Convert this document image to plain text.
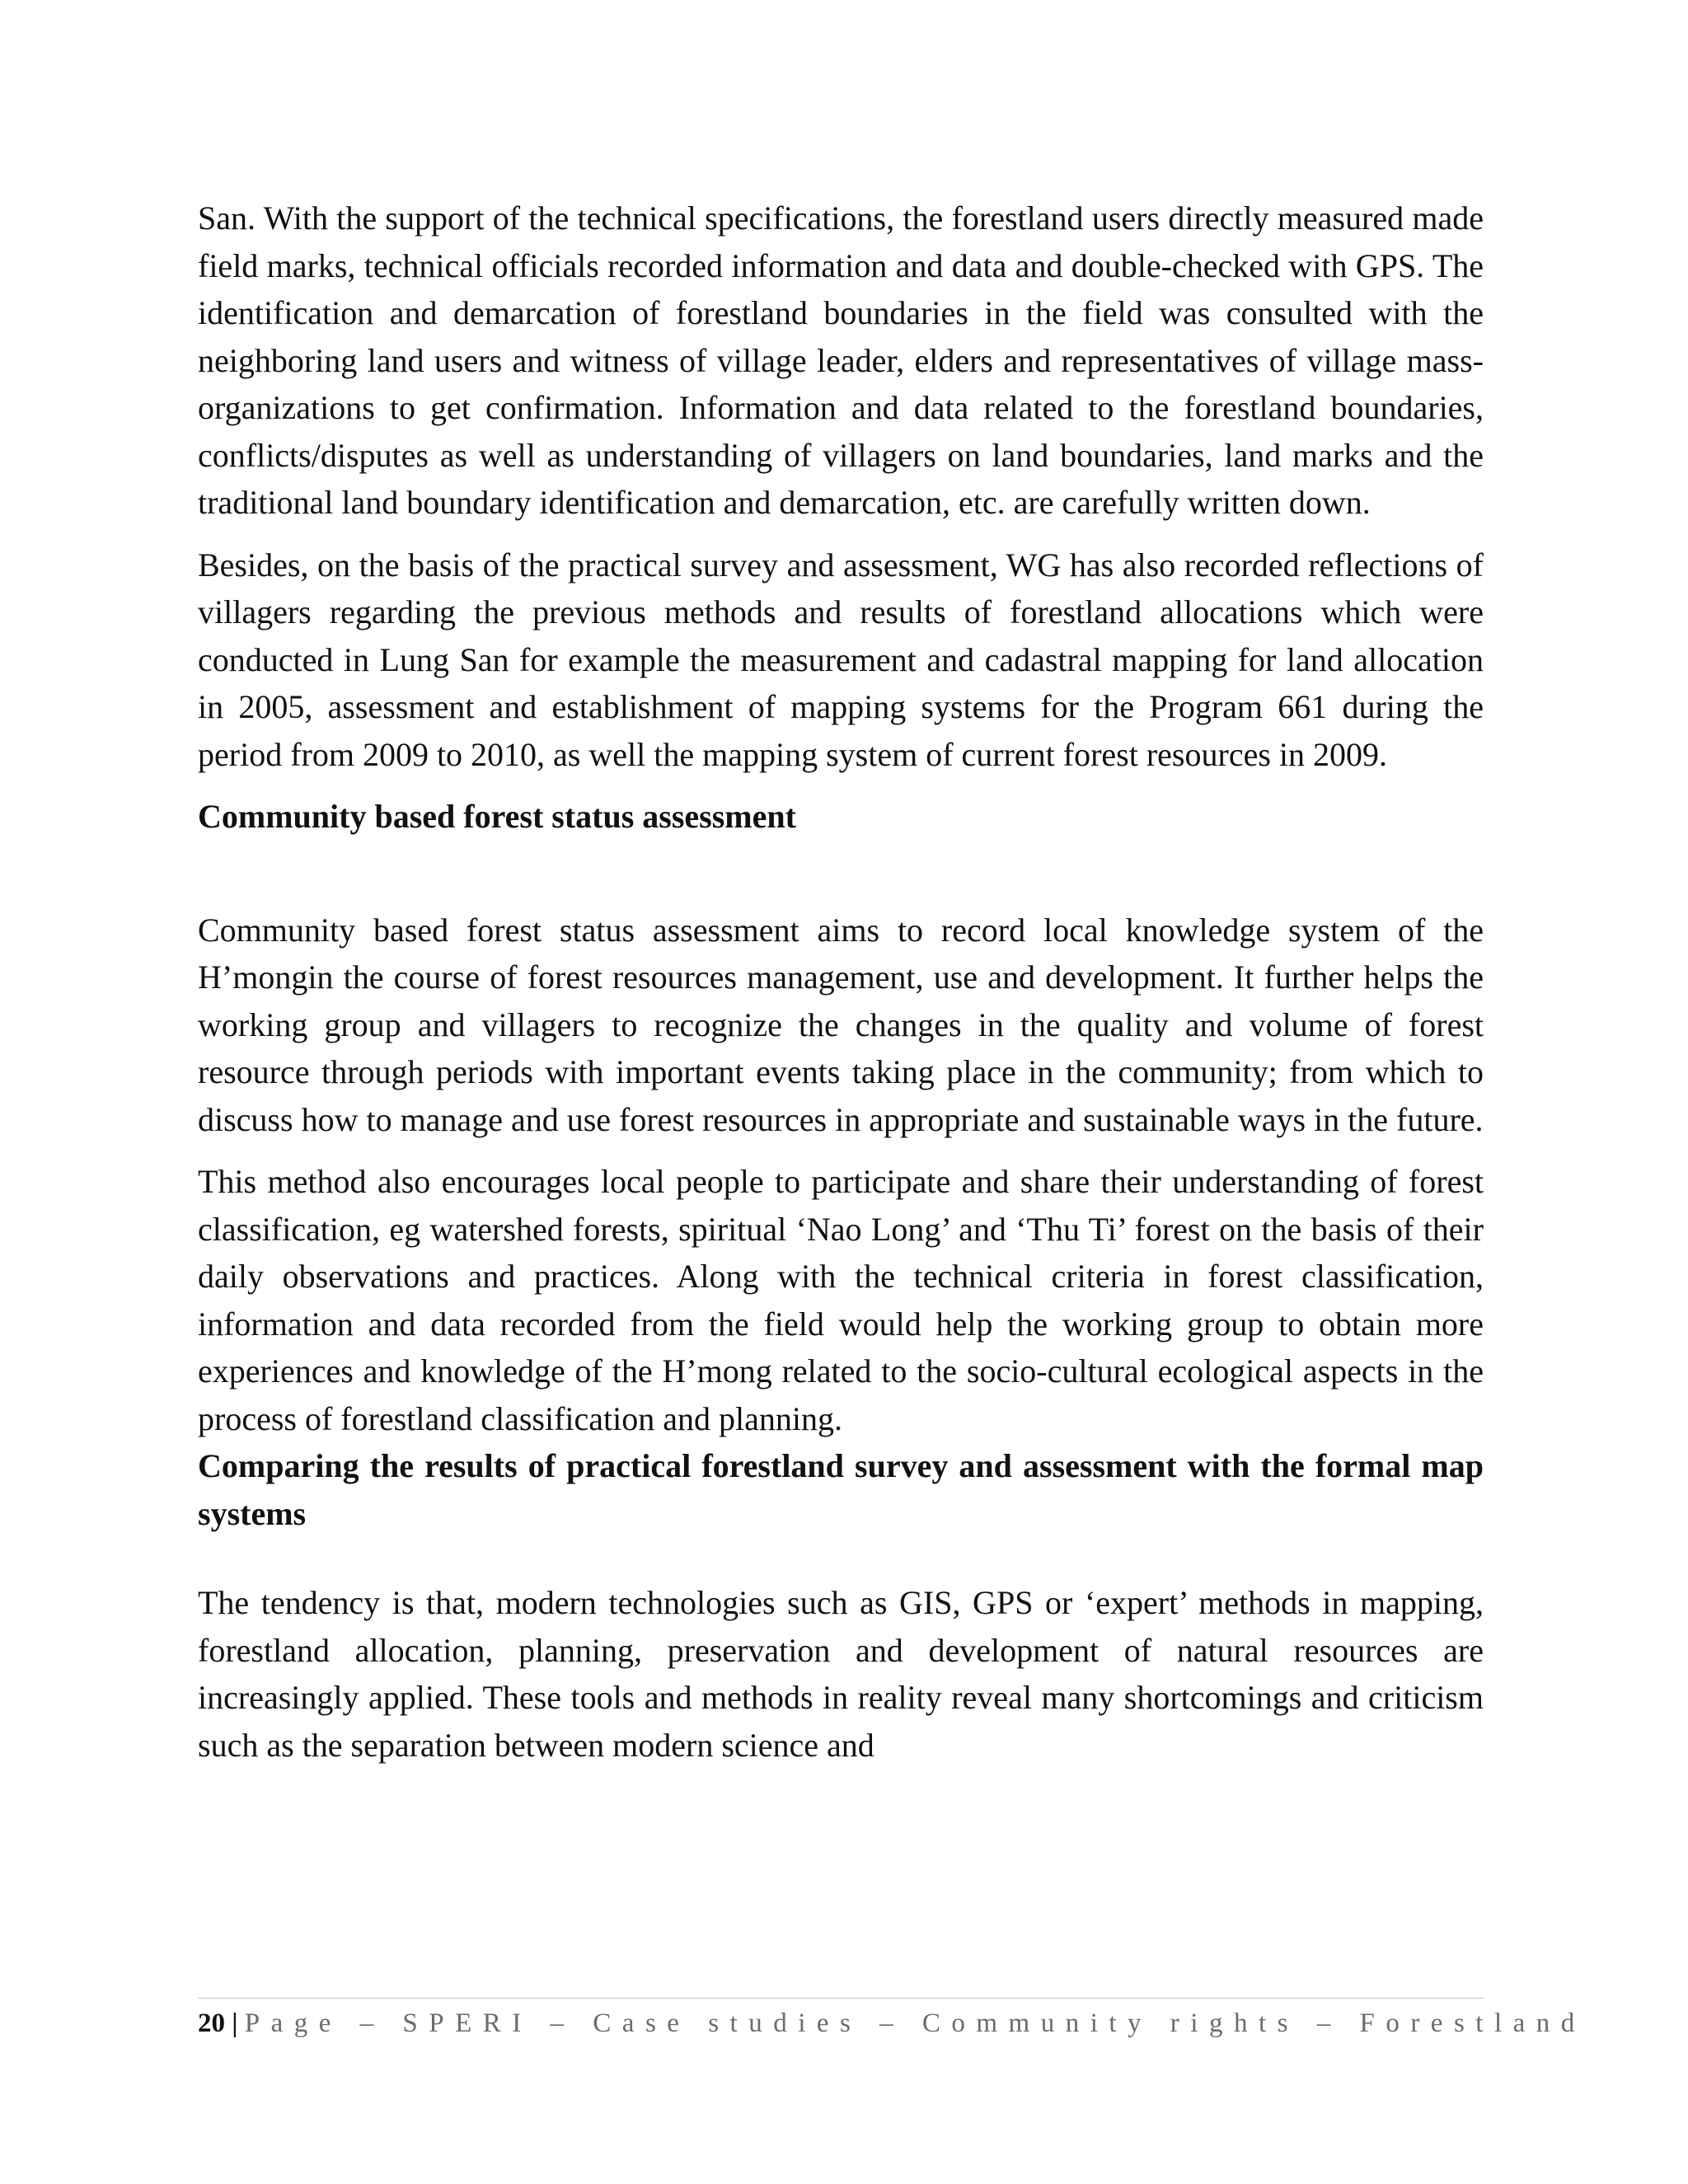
San. With the support of the technical specifications, the forestland users directly measured made field marks, technical officials recorded information and data and double-checked with GPS. The identification and demarcation of forestland boundaries in the field was consulted with the neighboring land users and witness of village leader, elders and representatives of village mass-organizations to get confirmation. Information and data related to the forestland boundaries, conflicts/disputes as well as understanding of villagers on land boundaries, land marks and the traditional land boundary identification and demarcation, etc. are carefully written down.

Besides, on the basis of the practical survey and assessment, WG has also recorded reflections of villagers regarding the previous methods and results of forestland allocations which were conducted in Lung San for example the measurement and cadastral mapping for land allocation in 2005, assessment and establishment of mapping systems for the Program 661 during the period from 2009 to 2010, as well the mapping system of current forest resources in 2009.

Community based forest status assessment

Community based forest status assessment aims to record local knowledge system of the H’mongin the course of forest resources management, use and development. It further helps the working group and villagers to recognize the changes in the quality and volume of forest resource through periods with important events taking place in the community; from which to discuss how to manage and use forest resources in appropriate and sustainable ways in the future.

This method also encourages local people to participate and share their understanding of forest classification, eg watershed forests, spiritual ‘Nao Long’ and ‘Thu Ti’ forest on the basis of their daily observations and practices. Along with the technical criteria in forest classification, information and data recorded from the field would help the working group to obtain more experiences and knowledge of the H’mong related to the socio-cultural ecological aspects in the process of forestland classification and planning.

Comparing the results of practical forestland survey and assessment with the formal map systems

The tendency is that, modern technologies such as GIS, GPS or ‘expert’ methods in mapping, forestland allocation, planning, preservation and development of natural resources are increasingly applied. These tools and methods in reality reveal many shortcomings and criticism such as the separation between modern science and

20 | Page – SPERI – Case studies – Community rights – Forestland
